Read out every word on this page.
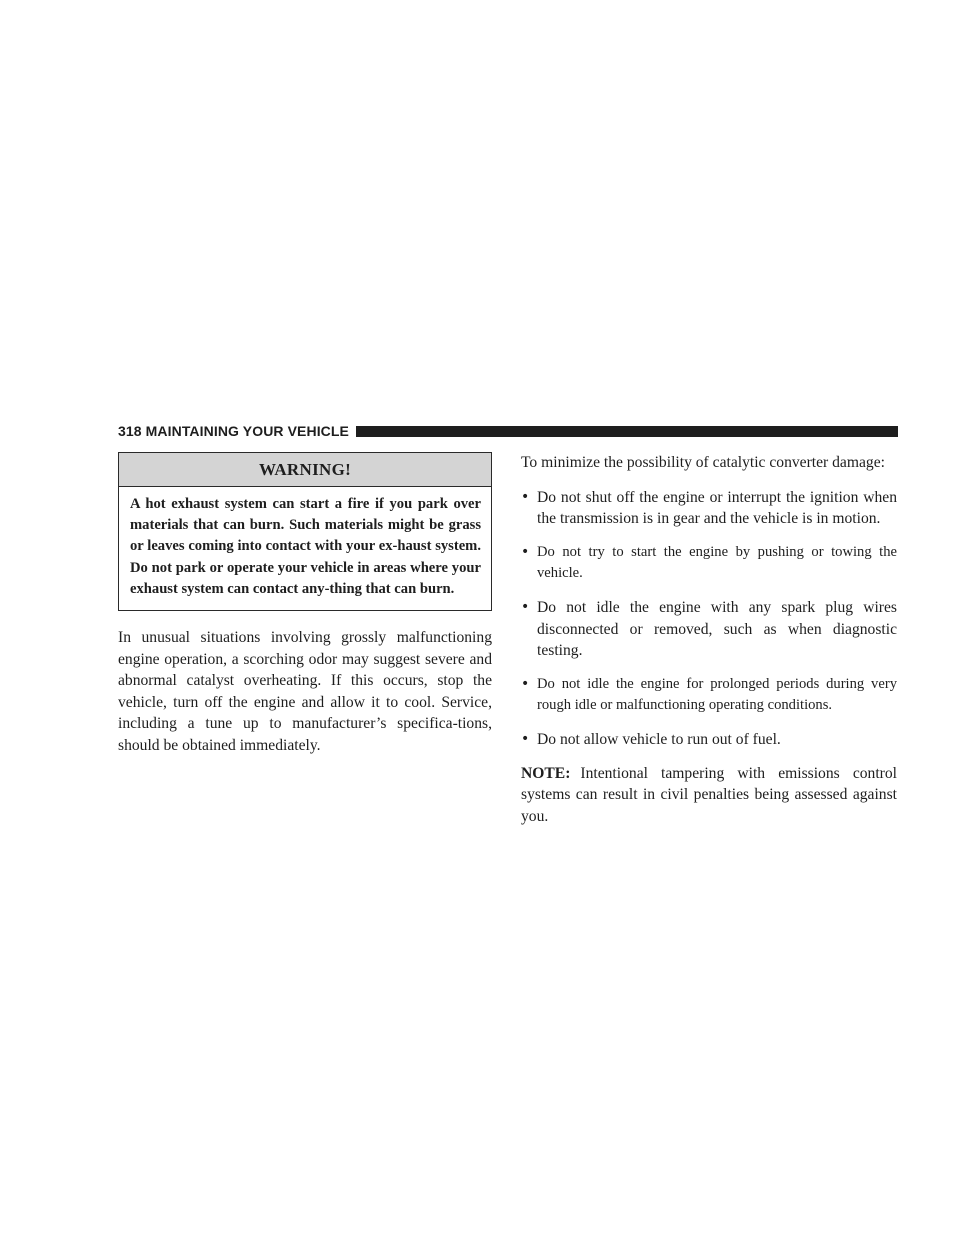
318 MAINTAINING YOUR VEHICLE
WARNING!
A hot exhaust system can start a fire if you park over materials that can burn. Such materials might be grass or leaves coming into contact with your ex-haust system. Do not park or operate your vehicle in areas where your exhaust system can contact any-thing that can burn.

In unusual situations involving grossly malfunctioning engine operation, a scorching odor may suggest severe and abnormal catalyst overheating. If this occurs, stop the vehicle, turn off the engine and allow it to cool. Service, including a tune up to manufacturer’s specifica-tions, should be obtained immediately.

To minimize the possibility of catalytic converter damage:

• Do not shut off the engine or interrupt the ignition when the transmission is in gear and the vehicle is in motion.
• Do not try to start the engine by pushing or towing the vehicle.
• Do not idle the engine with any spark plug wires disconnected or removed, such as when diagnostic testing.
• Do not idle the engine for prolonged periods during very rough idle or malfunctioning operating conditions.
• Do not allow vehicle to run out of fuel.

NOTE: Intentional tampering with emissions control systems can result in civil penalties being assessed against you.
